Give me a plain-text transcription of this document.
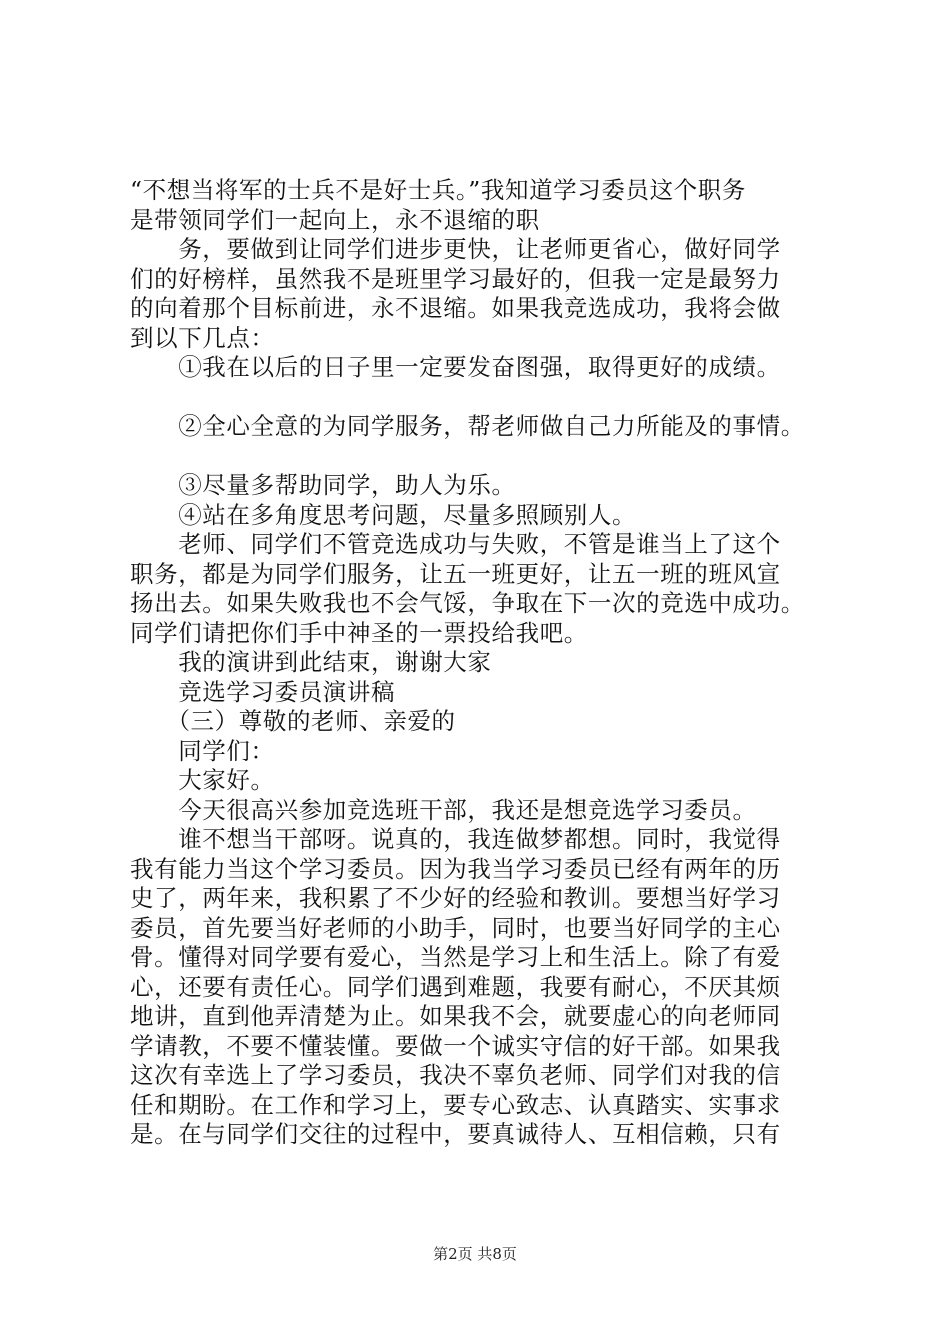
“不想当将军的士兵不是好士兵。”我知道学习委员这个职务
是带领同学们一起向上，永不退缩的职
　　务，要做到让同学们进步更快，让老师更省心，做好同学
们的好榜样，虽然我不是班里学习最好的，但我一定是最努力
的向着那个目标前进，永不退缩。如果我竞选成功，我将会做
到以下几点：
　　①我在以后的日子里一定要发奋图强，取得更好的成绩。
　　②全心全意的为同学服务，帮老师做自己力所能及的事情。
　　③尽量多帮助同学，助人为乐。
　　④站在多角度思考问题，尽量多照顾别人。
　　老师、同学们不管竞选成功与失败，不管是谁当上了这个
职务，都是为同学们服务，让五一班更好，让五一班的班风宣
扬出去。如果失败我也不会气馁，争取在下一次的竞选中成功。
同学们请把你们手中神圣的一票投给我吧。
　　我的演讲到此结束，谢谢大家
　　竞选学习委员演讲稿
　　（三）尊敬的老师、亲爱的
　　同学们：
　　大家好。
　　今天很高兴参加竞选班干部，我还是想竞选学习委员。
　　谁不想当干部呀。说真的，我连做梦都想。同时，我觉得
我有能力当这个学习委员。因为我当学习委员已经有两年的历
史了，两年来，我积累了不少好的经验和教训。要想当好学习
委员，首先要当好老师的小助手，同时，也要当好同学的主心
骨。懂得对同学要有爱心，当然是学习上和生活上。除了有爱
心，还要有责任心。同学们遇到难题，我要有耐心，不厌其烦
地讲，直到他弄清楚为止。如果我不会，就要虚心的向老师同
学请教，不要不懂装懂。要做一个诚实守信的好干部。如果我
这次有幸选上了学习委员，我决不辜负老师、同学们对我的信
任和期盼。在工作和学习上，要专心致志、认真踏实、实事求
是。在与同学们交往的过程中，要真诚待人、互相信赖，只有
第2页 共8页
